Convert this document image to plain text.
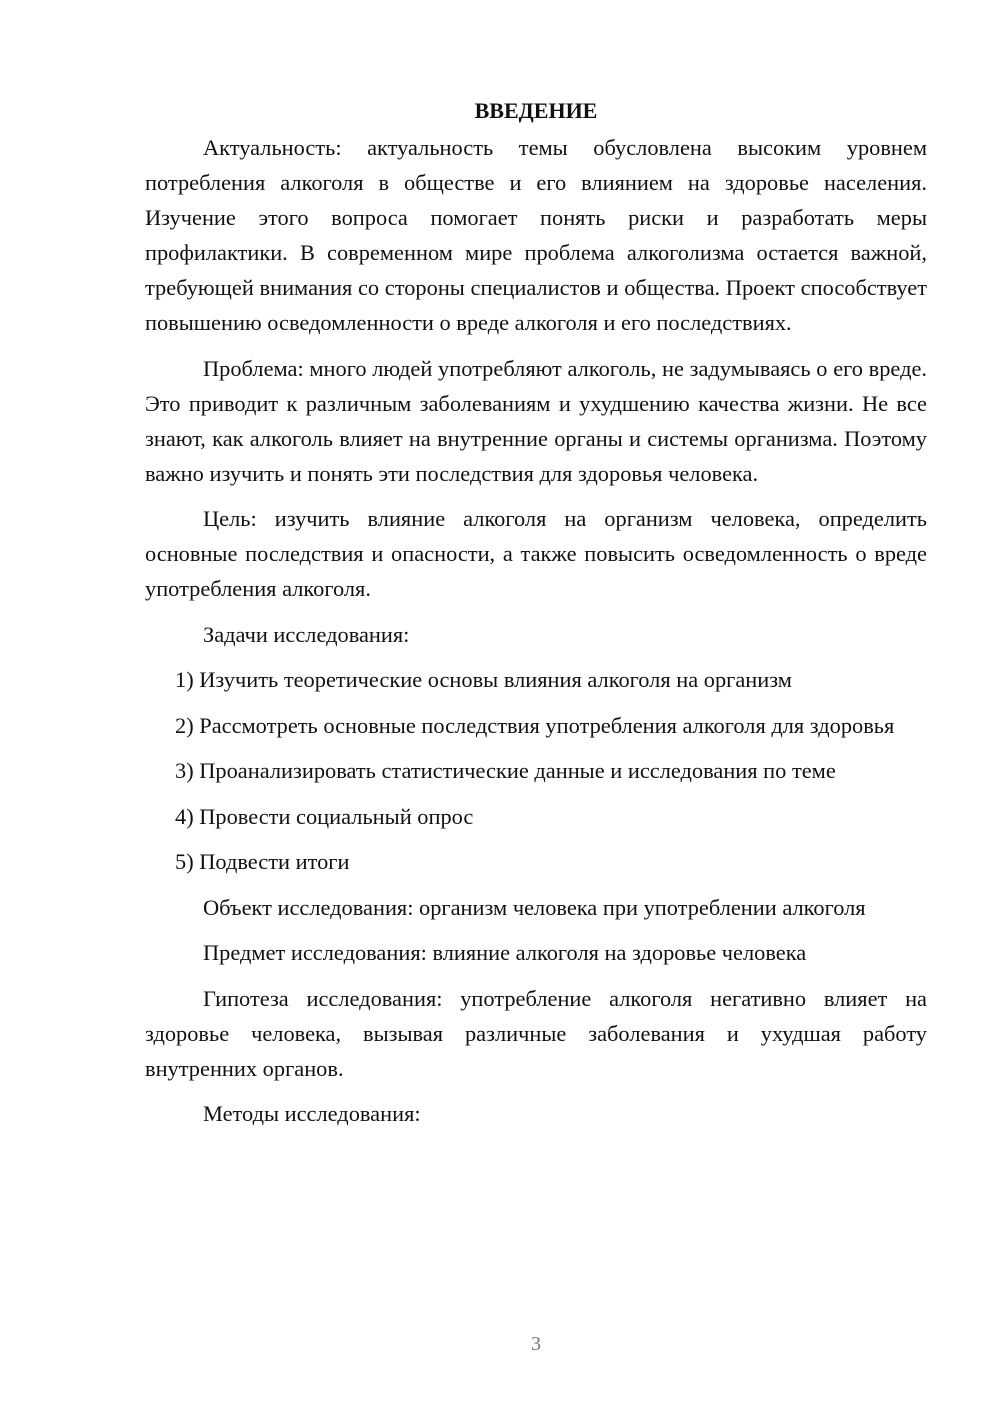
ВВЕДЕНИЕ

Актуальность: актуальность темы обусловлена высоким уровнем потребления алкоголя в обществе и его влиянием на здоровье населения. Изучение этого вопроса помогает понять риски и разработать меры профилактики. В современном мире проблема алкоголизма остается важной, требующей внимания со стороны специалистов и общества. Проект способствует повышению осведомленности о вреде алкоголя и его последствиях.

Проблема: много людей употребляют алкоголь, не задумываясь о его вреде. Это приводит к различным заболеваниям и ухудшению качества жизни. Не все знают, как алкоголь влияет на внутренние органы и системы организма. Поэтому важно изучить и понять эти последствия для здоровья человека.

Цель: изучить влияние алкоголя на организм человека, определить основные последствия и опасности, а также повысить осведомленность о вреде употребления алкоголя.

Задачи исследования:

1) Изучить теоретические основы влияния алкоголя на организм

2) Рассмотреть основные последствия употребления алкоголя для здоровья

3) Проанализировать статистические данные и исследования по теме

4) Провести социальный опрос

5) Подвести итоги

Объект исследования: организм человека при употреблении алкоголя

Предмет исследования: влияние алкоголя на здоровье человека

Гипотеза исследования: употребление алкоголя негативно влияет на здоровье человека, вызывая различные заболевания и ухудшая работу внутренних органов.

Методы исследования:

3
